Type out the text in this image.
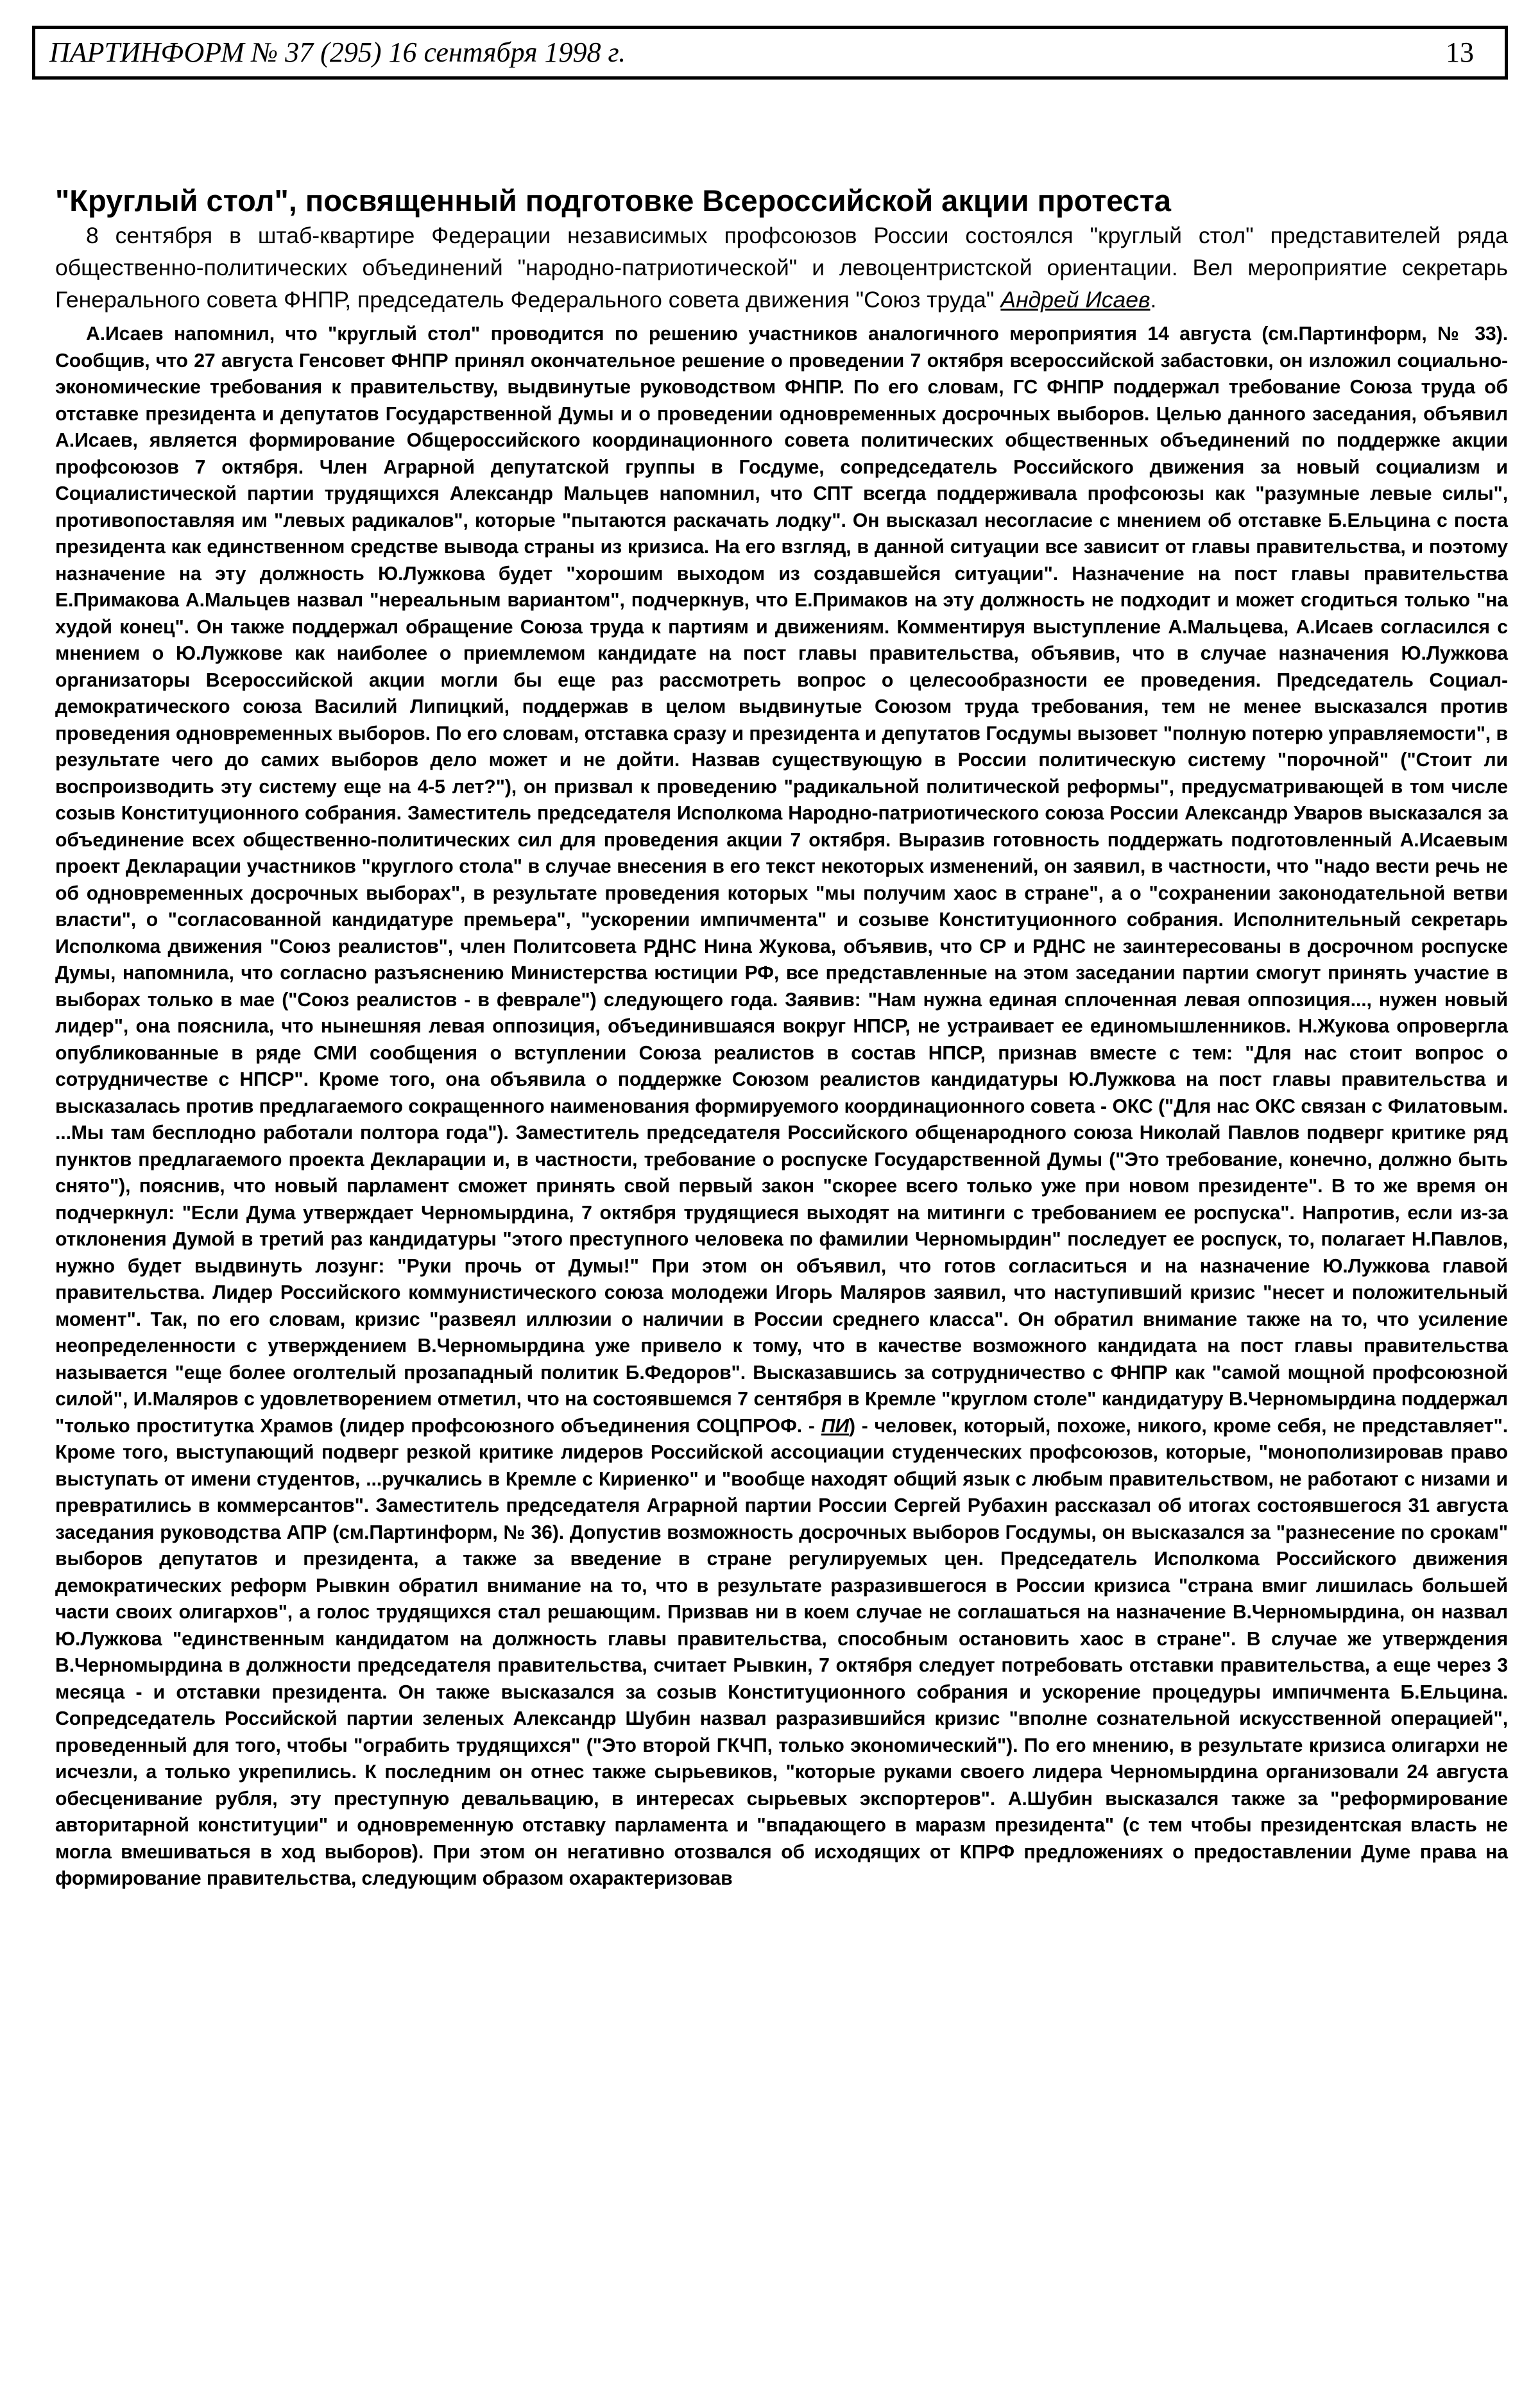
ПАРТИНФОРМ № 37 (295) 16 сентября 1998 г.	13
"Круглый стол", посвященный подготовке Всероссийской акции протеста

8 сентября в штаб-квартире Федерации независимых профсоюзов России состоялся "круглый стол" представителей ряда общественно-политических объединений "народно-патриотической" и левоцентристской ориентации. Вел мероприятие секретарь Генерального совета ФНПР, председатель Федерального совета движения "Союз труда" Андрей Исаев.

А.Исаев напомнил, что "круглый стол" проводится по решению участников аналогичного мероприятия 14 августа (см.Партинформ, № 33). Сообщив, что 27 августа Генсовет ФНПР принял окончательное решение о проведении 7 октября всероссийской забастовки, он изложил социально-экономические требования к правительству, выдвинутые руководством ФНПР. По его словам, ГС ФНПР поддержал требование Союза труда об отставке президента и депутатов Государственной Думы и о проведении одновременных досрочных выборов. Целью данного заседания, объявил А.Исаев, является формирование Общероссийского координационного совета политических общественных объединений по поддержке акции профсоюзов 7 октября. Член Аграрной депутатской группы в Госдуме, сопредседатель Российского движения за новый социализм и Социалистической партии трудящихся Александр Мальцев напомнил, что СПТ всегда поддерживала профсоюзы как "разумные левые силы", противопоставляя им "левых радикалов", которые "пытаются раскачать лодку". Он высказал несогласие с мнением об отставке Б.Ельцина с поста президента как единственном средстве вывода страны из кризиса. На его взгляд, в данной ситуации все зависит от главы правительства, и поэтому назначение на эту должность Ю.Лужкова будет "хорошим выходом из создавшейся ситуации". Назначение на пост главы правительства Е.Примакова А.Мальцев назвал "нереальным вариантом", подчеркнув, что Е.Примаков на эту должность не подходит и может сгодиться только "на худой конец". Он также поддержал обращение Союза труда к партиям и движениям. Комментируя выступление А.Мальцева, А.Исаев согласился с мнением о Ю.Лужкове как наиболее о приемлемом кандидате на пост главы правительства, объявив, что в случае назначения Ю.Лужкова организаторы Всероссийской акции могли бы еще раз рассмотреть вопрос о целесообразности ее проведения. Председатель Социал-демократического союза Василий Липицкий, поддержав в целом выдвинутые Союзом труда требования, тем не менее высказался против проведения одновременных выборов. По его словам, отставка сразу и президента и депутатов Госдумы вызовет "полную потерю управляемости", в результате чего до самих выборов дело может и не дойти. Назвав существующую в России политическую систему "порочной" ("Стоит ли воспроизводить эту систему еще на 4-5 лет?"), он призвал к проведению "радикальной политической реформы", предусматривающей в том числе созыв Конституционного собрания. Заместитель председателя Исполкома Народно-патриотического союза России Александр Уваров высказался за объединение всех общественно-политических сил для проведения акции 7 октября. Выразив готовность поддержать подготовленный А.Исаевым проект Декларации участников "круглого стола" в случае внесения в его текст некоторых изменений, он заявил, в частности, что "надо вести речь не об одновременных досрочных выборах", в результате проведения которых "мы получим хаос в стране", а о "сохранении законодательной ветви власти", о "согласованной кандидатуре премьера", "ускорении импичмента" и созыве Конституционного собрания. Исполнительный секретарь Исполкома движения "Союз реалистов", член Политсовета РДНС Нина Жукова, объявив, что СР и РДНС не заинтересованы в досрочном роспуске Думы, напомнила, что согласно разъяснению Министерства юстиции РФ, все представленные на этом заседании партии смогут принять участие в выборах только в мае ("Союз реалистов - в феврале") следующего года. Заявив: "Нам нужна единая сплоченная левая оппозиция..., нужен новый лидер", она пояснила, что нынешняя левая оппозиция, объединившаяся вокруг НПСР, не устраивает ее единомышленников. Н.Жукова опровергла опубликованные в ряде СМИ сообщения о вступлении Союза реалистов в состав НПСР, признав вместе с тем: "Для нас стоит вопрос о сотрудничестве с НПСР". Кроме того, она объявила о поддержке Союзом реалистов кандидатуры Ю.Лужкова на пост главы правительства и высказалась против предлагаемого сокращенного наименования формируемого координационного совета - ОКС ("Для нас ОКС связан с Филатовым. ...Мы там бесплодно работали полтора года"). Заместитель председателя Российского общенародного союза Николай Павлов подверг критике ряд пунктов предлагаемого проекта Декларации и, в частности, требование о роспуске Государственной Думы ("Это требование, конечно, должно быть снято"), пояснив, что новый парламент сможет принять свой первый закон "скорее всего только уже при новом президенте". В то же время он подчеркнул: "Если Дума утверждает Черномырдина, 7 октября трудящиеся выходят на митинги с требованием ее роспуска". Напротив, если из-за отклонения Думой в третий раз кандидатуры "этого преступного человека по фамилии Черномырдин" последует ее роспуск, то, полагает Н.Павлов, нужно будет выдвинуть лозунг: "Руки прочь от Думы!" При этом он объявил, что готов согласиться и на назначение Ю.Лужкова главой правительства. Лидер Российского коммунистического союза молодежи Игорь Маляров заявил, что наступивший кризис "несет и положительный момент". Так, по его словам, кризис "развеял иллюзии о наличии в России среднего класса". Он обратил внимание также на то, что усиление неопределенности с утверждением В.Черномырдина уже привело к тому, что в качестве возможного кандидата на пост главы правительства называется "еще более оголтелый прозападный политик Б.Федоров". Высказавшись за сотрудничество с ФНПР как "самой мощной профсоюзной силой", И.Маляров с удовлетворением отметил, что на состоявшемся 7 сентября в Кремле "круглом столе" кандидатуру В.Черномырдина поддержал "только проститутка Храмов (лидер профсоюзного объединения СОЦПРОФ. - ПИ) - человек, который, похоже, никого, кроме себя, не представляет". Кроме того, выступающий подверг резкой критике лидеров Российской ассоциации студенческих профсоюзов, которые, "монополизировав право выступать от имени студентов, ...ручкались в Кремле с Кириенко" и "вообще находят общий язык с любым правительством, не работают с низами и превратились в коммерсантов". Заместитель председателя Аграрной партии России Сергей Рубахин рассказал об итогах состоявшегося 31 августа заседания руководства АПР (см.Партинформ, № 36). Допустив возможность досрочных выборов Госдумы, он высказался за "разнесение по срокам" выборов депутатов и президента, а также за введение в стране регулируемых цен. Председатель Исполкома Российского движения демократических реформ Рывкин обратил внимание на то, что в результате разразившегося в России кризиса "страна вмиг лишилась большей части своих олигархов", а голос трудящихся стал решающим. Призвав ни в коем случае не соглашаться на назначение В.Черномырдина, он назвал Ю.Лужкова "единственным кандидатом на должность главы правительства, способным остановить хаос в стране". В случае же утверждения В.Черномырдина в должности председателя правительства, считает Рывкин, 7 октября следует потребовать отставки правительства, а еще через 3 месяца - и отставки президента. Он также высказался за созыв Конституционного собрания и ускорение процедуры импичмента Б.Ельцина. Сопредседатель Российской партии зеленых Александр Шубин назвал разразившийся кризис "вполне сознательной искусственной операцией", проведенный для того, чтобы "ограбить трудящихся" ("Это второй ГКЧП, только экономический"). По его мнению, в результате кризиса олигархи не исчезли, а только укрепились. К последним он отнес также сырьевиков, "которые руками своего лидера Черномырдина организовали 24 августа обесценивание рубля, эту преступную девальвацию, в интересах сырьевых экспортеров". А.Шубин высказался также за "реформирование авторитарной конституции" и одновременную отставку парламента и "впадающего в маразм президента" (с тем чтобы президентская власть не могла вмешиваться в ход выборов). При этом он негативно отозвался об исходящих от КПРФ предложениях о предоставлении Думе права на формирование правительства, следующим образом охарактеризовав
